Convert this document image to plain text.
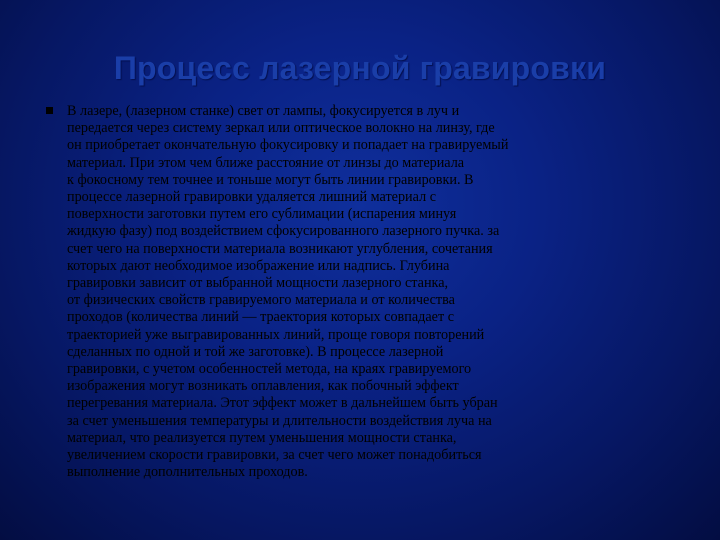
Процесс лазерной гравировки
В лазере, (лазерном станке) свет от лампы, фокусируется в луч и
передается через систему зеркал или оптическое волокно на линзу, где
он приобретает окончательную фокусировку и попадает на гравируемый
материал. При этом чем ближе расстояние от линзы до материала
к фокосному тем точнее и тоньше могут быть линии гравировки. В
процессе лазерной гравировки удаляется лишний материал с
поверхности заготовки путем его сублимации (испарения минуя
жидкую фазу) под воздействием сфокусированного лазерного пучка. за
счет чего на поверхности материала возникают углубления, сочетания
которых дают необходимое изображение или надпись. Глубина
гравировки зависит от выбранной мощности лазерного станка,
от физических свойств гравируемого материала и от количества
проходов (количества линий — траектория которых совпадает с
траекторией уже выгравированных линий, проще говоря повторений
сделанных по одной и той же заготовке). В процессе лазерной
гравировки, с учетом особенностей метода, на краях гравируемого
изображения могут возникать оплавления, как побочный эффект
перегревания материала. Этот эффект может в дальнейшем быть убран
за счет уменьшения температуры и длительности воздействия луча на
материал, что реализуется путем уменьшения мощности станка,
увеличением скорости гравировки, за счет чего может понадобиться
выполнение дополнительных проходов.
